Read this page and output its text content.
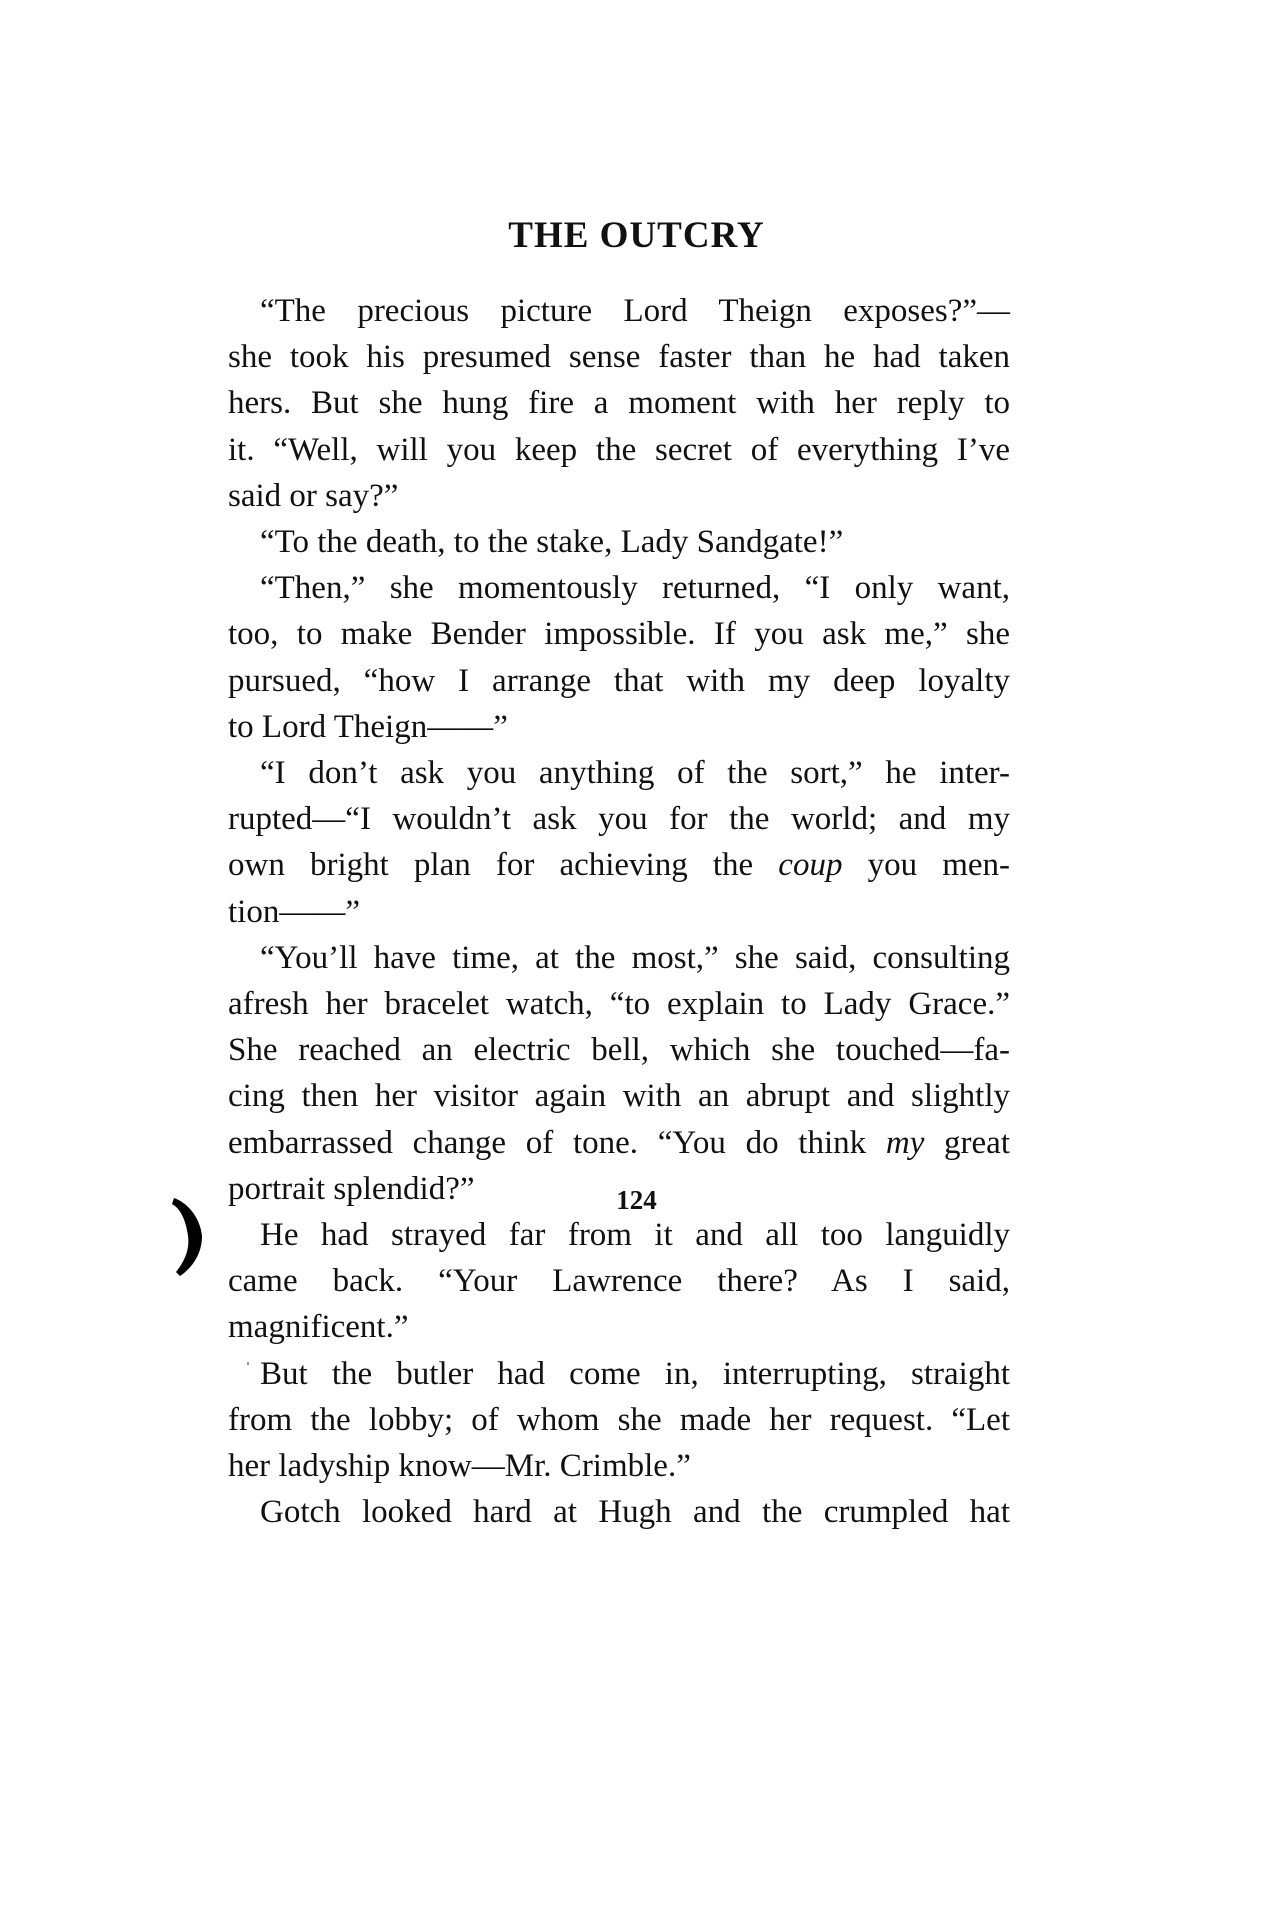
THE OUTCRY
“The precious picture Lord Theign exposes?”—
she took his presumed sense faster than he had taken
hers. But she hung fire a moment with her reply to
it. “Well, will you keep the secret of everything I’ve
said or say?”
“To the death, to the stake, Lady Sandgate!”
“Then,” she momentously returned, “I only want,
too, to make Bender impossible. If you ask me,” she
pursued, “how I arrange that with my deep loyalty
to Lord Theign——”
“I don’t ask you anything of the sort,” he inter-
rupted—“I wouldn’t ask you for the world; and my
own bright plan for achieving the coup you men-
tion——”
“You’ll have time, at the most,” she said, consulting
afresh her bracelet watch, “to explain to Lady Grace.”
She reached an electric bell, which she touched—fa-
cing then her visitor again with an abrupt and slightly
embarrassed change of tone. “You do think my great
portrait splendid?”
He had strayed far from it and all too languidly
came back. “Your Lawrence there? As I said,
magnificent.”
But the butler had come in, interrupting, straight
from the lobby; of whom she made her request. “Let
her ladyship know—Mr. Crimble.”
Gotch looked hard at Hugh and the crumpled hat
124
